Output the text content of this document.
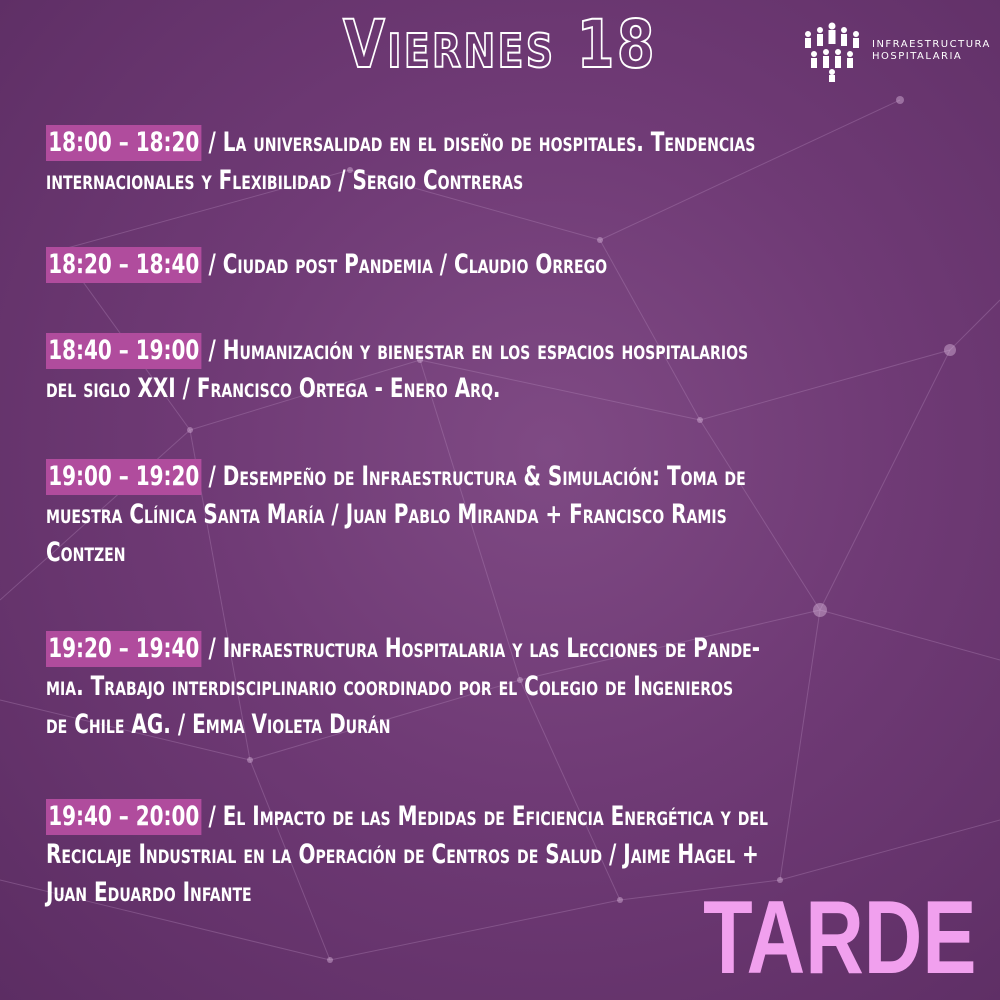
Viernes 18	INFRAESTRUCTURA
HOSPITALARIA
18:00 – 18:20 / La universalidad en el diseño de hospitales. Tendencias
internacionales y Flexibilidad / Sergio Contreras
18:20 – 18:40 / Ciudad post Pandemia / Claudio Orrego
18:40 – 19:00 / Humanización y bienestar en los espacios hospitalarios
del siglo XXI / Francisco Ortega - Enero Arq.
19:00 – 19:20 / Desempeño de Infraestructura & Simulación: Toma de
muestra Clínica Santa María / Juan Pablo Miranda + Francisco Ramis
Contzen
19:20 – 19:40 / Infraestructura Hospitalaria y las Lecciones de Pande-
mia. Trabajo interdisciplinario coordinado por el Colegio de Ingenieros
de Chile AG. / Emma Violeta Durán
19:40 – 20:00 / El Impacto de las Medidas de Eficiencia Energética y del
Reciclaje Industrial en la Operación de Centros de Salud / Jaime Hagel +
Juan Eduardo Infante	TARDE
